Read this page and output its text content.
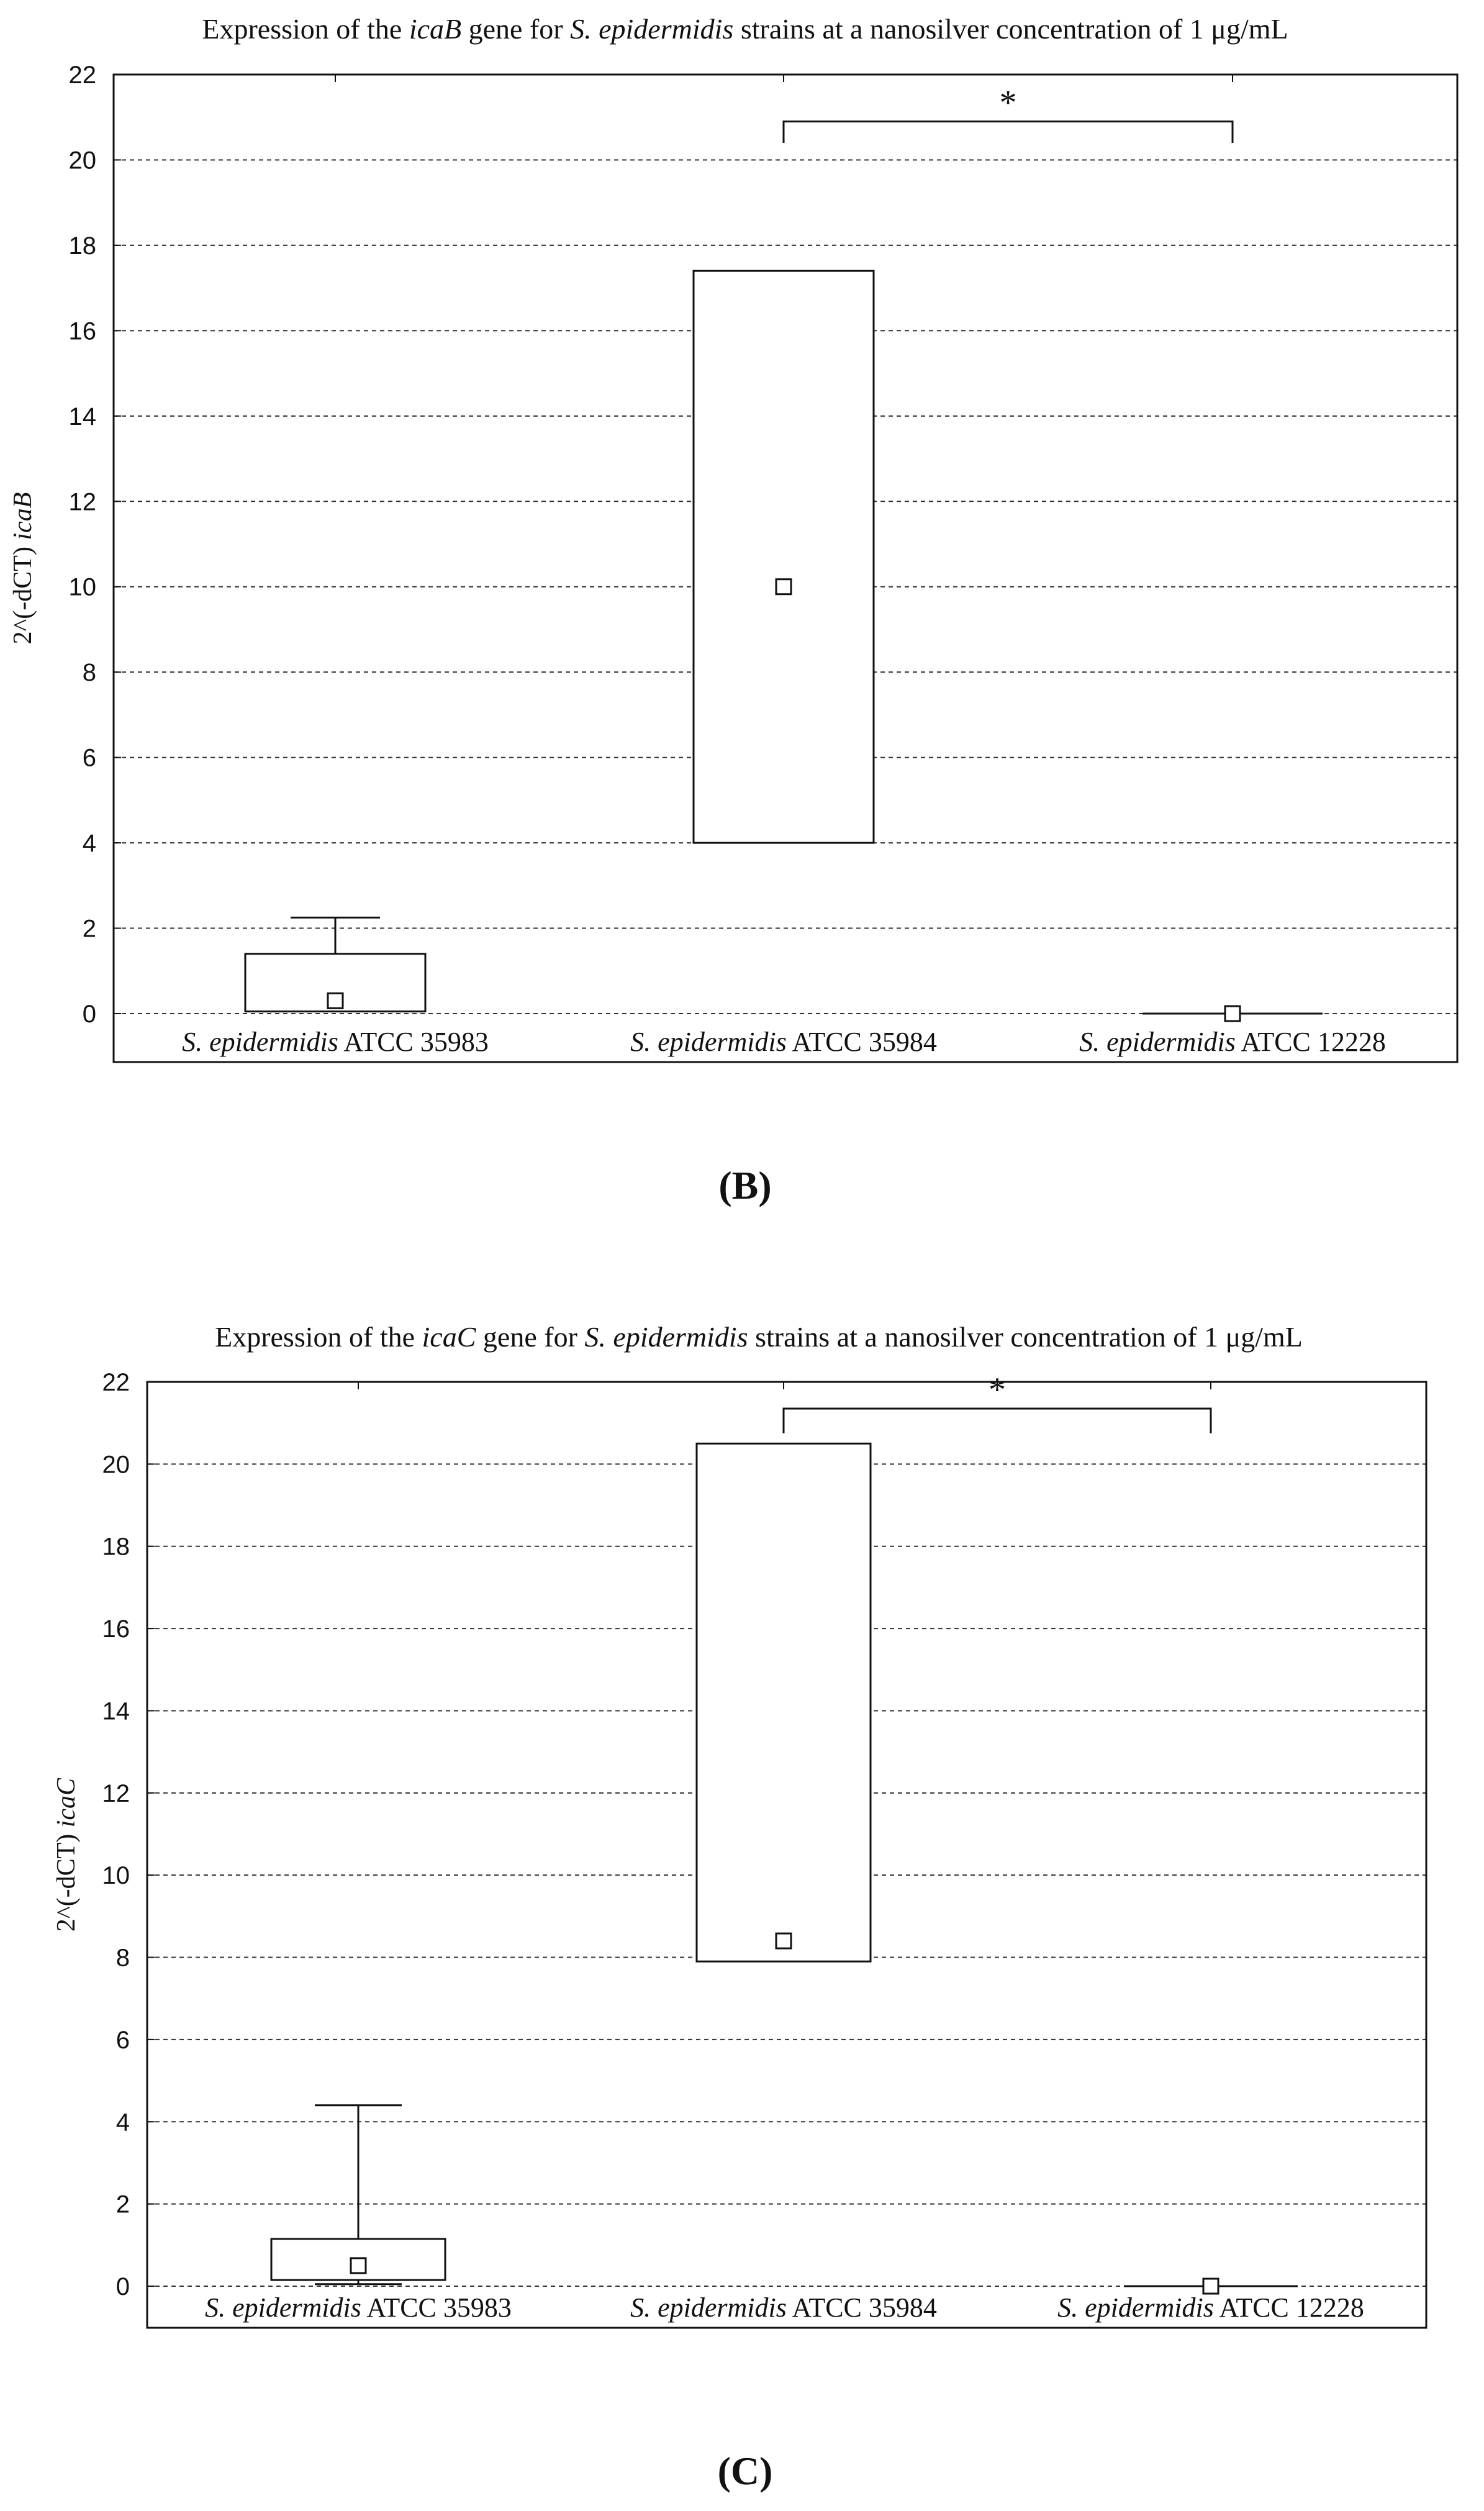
Expression of the icaB gene for S. epidermidis strains at a nanosilver concentration of 1 μg/mL
0
2
4
6
8
10
12
14
16
18
20
22
*
S. epidermidis ATCC 35983	S. epidermidis ATCC 35984	S. epidermidis ATCC 12228
2^(-dCT) icaB
(B)
Expression of the icaC gene for S. epidermidis strains at a nanosilver concentration of 1 μg/mL
0
2
4
6
8
10
12
14
16
18
20
22	*
S. epidermidis ATCC 35983	S. epidermidis ATCC 35984	S. epidermidis ATCC 12228
2^(-dCT) icaC
(C)
